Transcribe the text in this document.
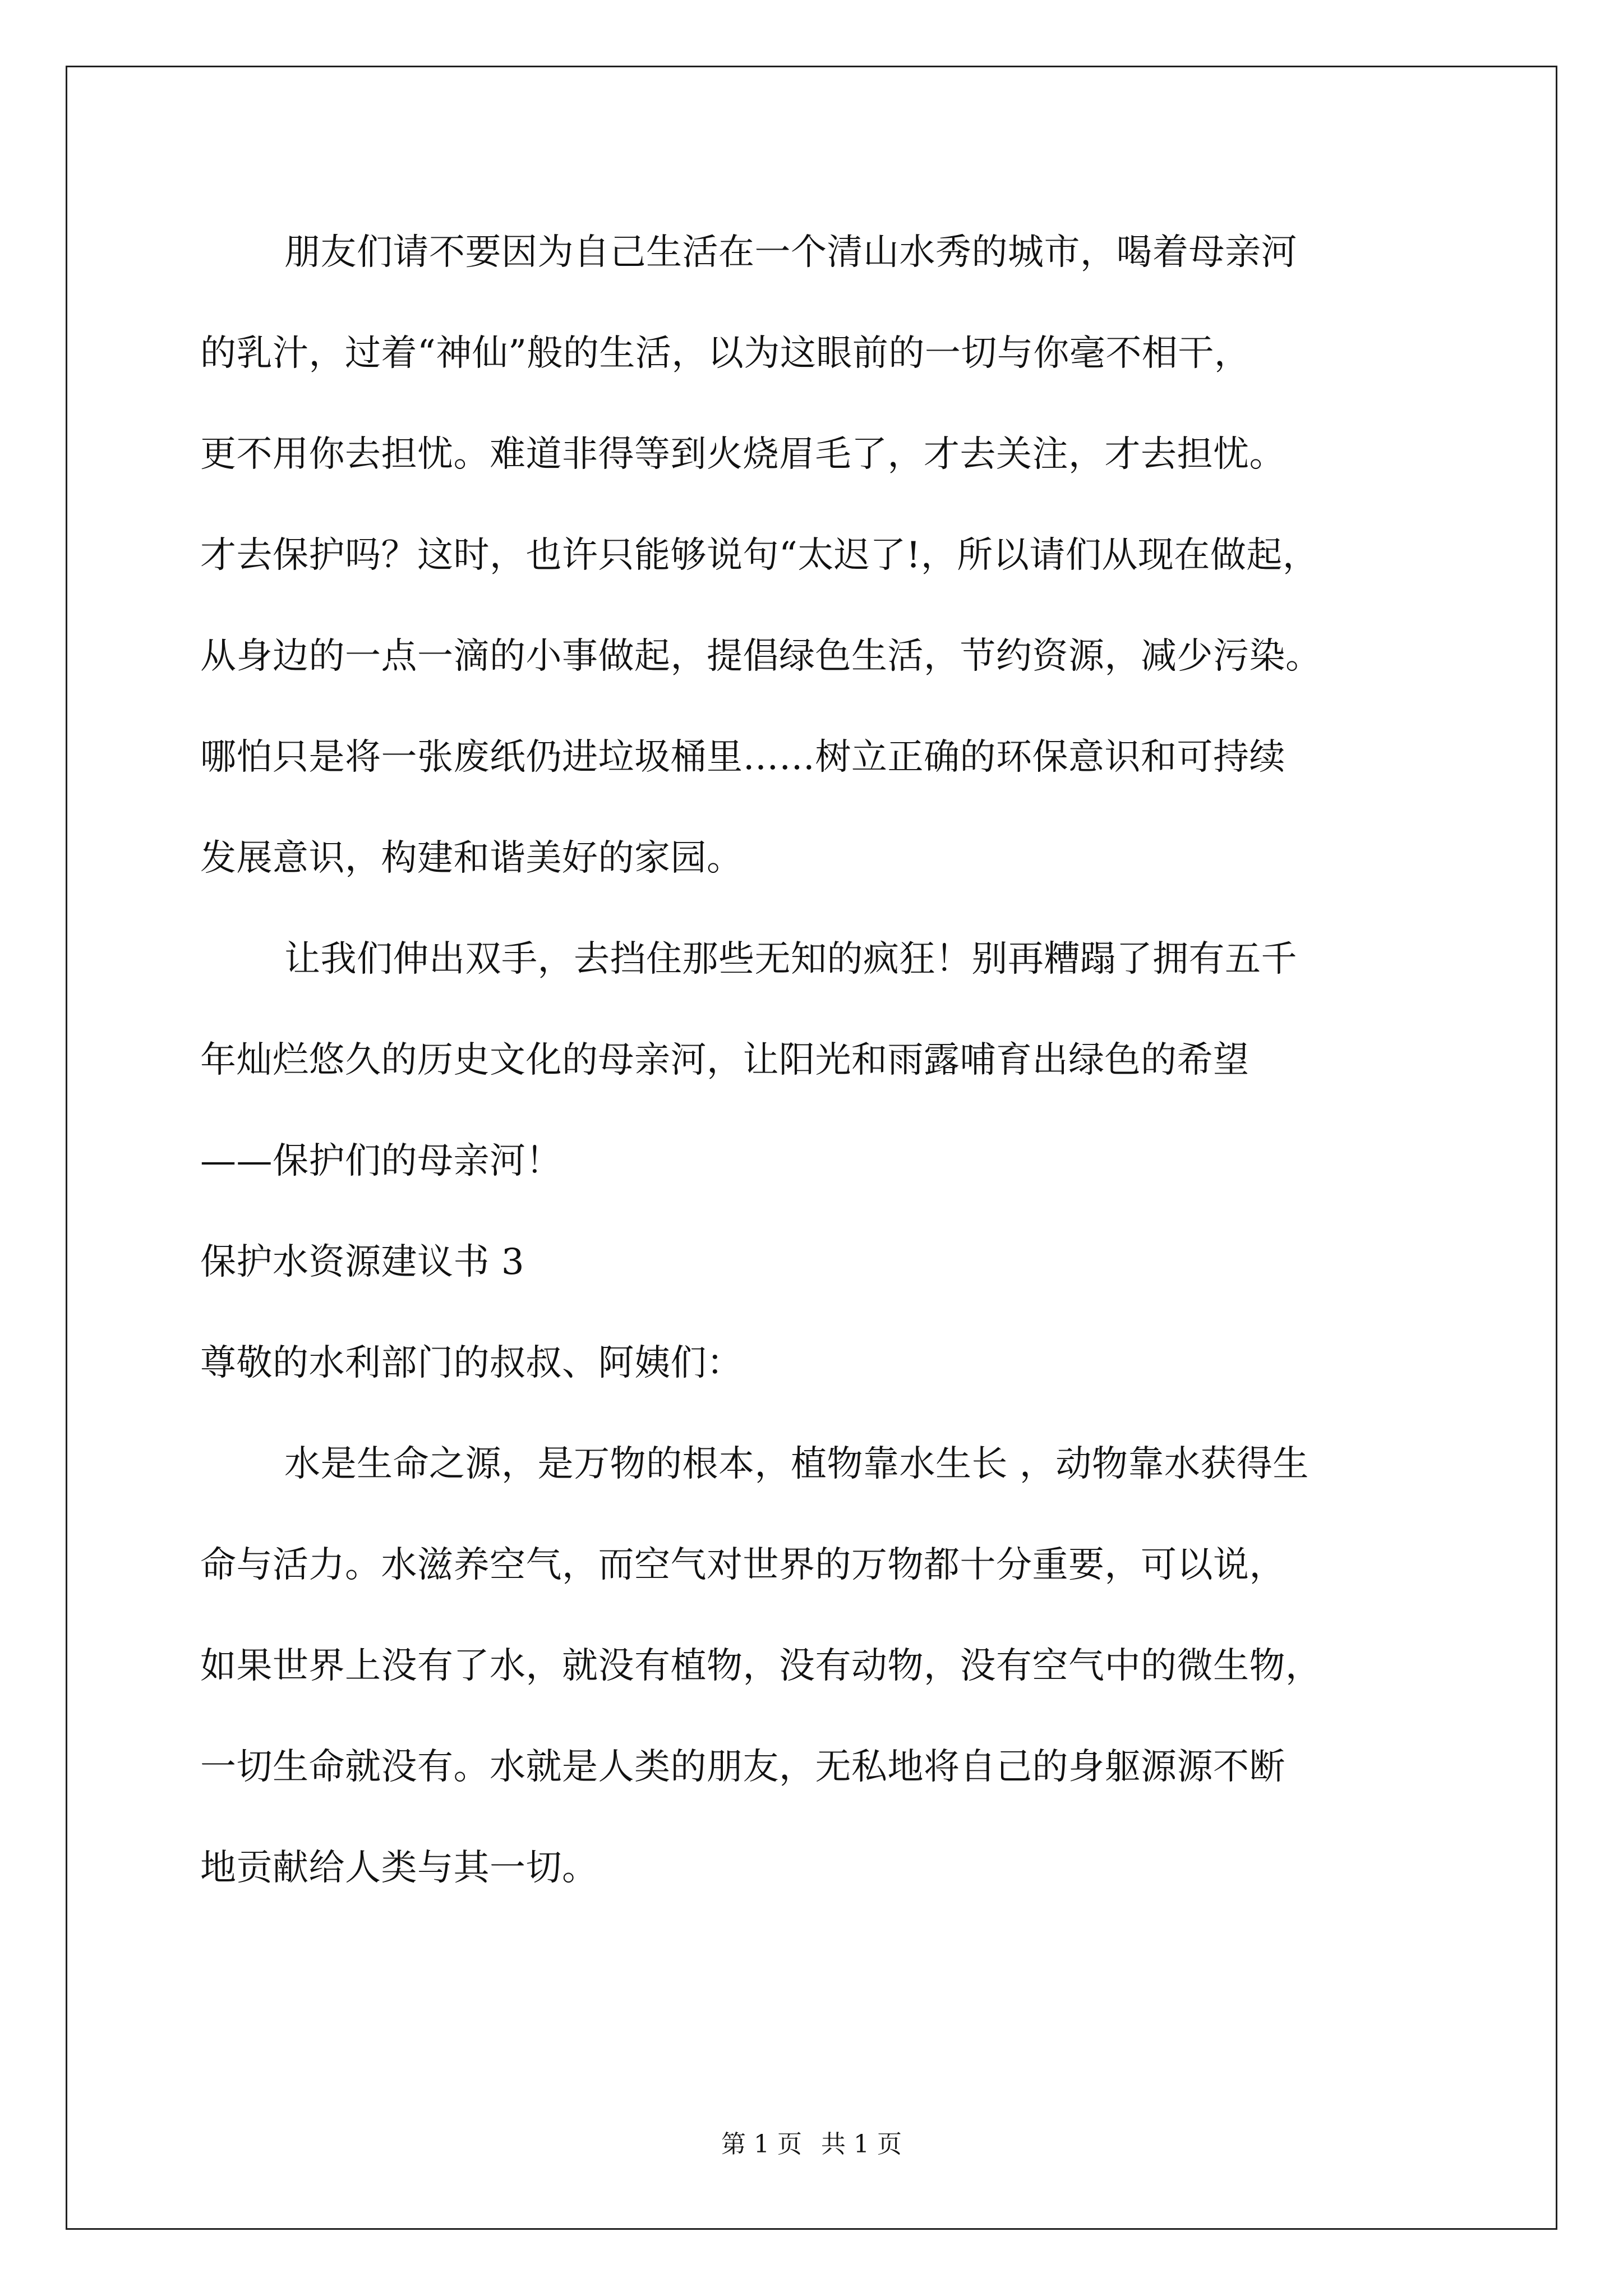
朋友们请不要因为自己生活在一个清山水秀的城市，喝着母亲河
的乳汁，过着“神仙”般的生活，以为这眼前的一切与你毫不相干，
更不用你去担忧。难道非得等到火烧眉毛了，才去关注，才去担忧。
才去保护吗？这时，也许只能够说句“太迟了!，所以请们从现在做起，
从身边的一点一滴的小事做起，提倡绿色生活，节约资源，减少污染。
哪怕只是将一张废纸仍进垃圾桶里……树立正确的环保意识和可持续
发展意识，构建和谐美好的家园。
让我们伸出双手，去挡住那些无知的疯狂！别再糟蹋了拥有五千
年灿烂悠久的历史文化的母亲河，让阳光和雨露哺育出绿色的希望
——保护们的母亲河！
保护水资源建议书 3
尊敬的水利部门的叔叔、阿姨们：
水是生命之源，是万物的根本，植物靠水生长 ，动物靠水获得生
命与活力。水滋养空气，而空气对世界的万物都十分重要，可以说，
如果世界上没有了水，就没有植物，没有动物，没有空气中的微生物，
一切生命就没有。水就是人类的朋友，无私地将自己的身躯源源不断
地贡献给人类与其一切。
第 1 页 共 1 页
